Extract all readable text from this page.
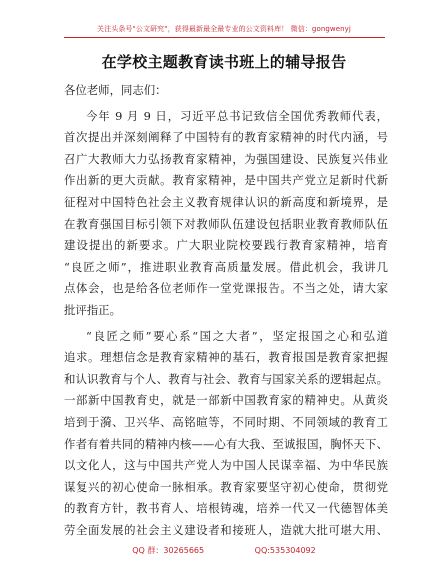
关注头条号"公文研究"，获得最新最全最专业的公文资料库！ 微信：gongwenyj
在学校主题教育读书班上的辅导报告
各位老师，同志们：
今年 9 月 9 日，习近平总书记致信全国优秀教师代表，
首次提出并深刻阐释了中国特有的教育家精神的时代内涵，号
召广大教师大力弘扬教育家精神，为强国建设、民族复兴伟业
作出新的更大贡献。教育家精神，是中国共产党立足新时代新
征程对中国特色社会主义教育规律认识的新高度和新境界，是
在教育强国目标引领下对教师队伍建设包括职业教育教师队伍
建设提出的新要求。广大职业院校要践行教育家精神，培育
“良匠之师”，推进职业教育高质量发展。借此机会，我讲几
点体会，也是给各位老师作一堂党课报告。不当之处，请大家
批评指正。
“良匠之师”要心系“国之大者”，坚定报国之心和弘道
追求。理想信念是教育家精神的基石，教育报国是教育家把握
和认识教育与个人、教育与社会、教育与国家关系的逻辑起点。
一部新中国教育史，就是一部新中国教育家的精神史。从黄炎
培到于漪、卫兴华、高铭暄等，不同时期、不同领域的教育工
作者有着共同的精神内核——心有大我、至诚报国，胸怀天下、
以文化人，这与中国共产党人为中国人民谋幸福、为中华民族
谋复兴的初心使命一脉相承。教育家要坚守初心使命，贯彻党
的教育方针，教书育人、培根铸魂，培养一代又一代德智体美
劳全面发展的社会主义建设者和接班人，造就大批可堪大用、
QQ 群：30265665	QQ:535304092
